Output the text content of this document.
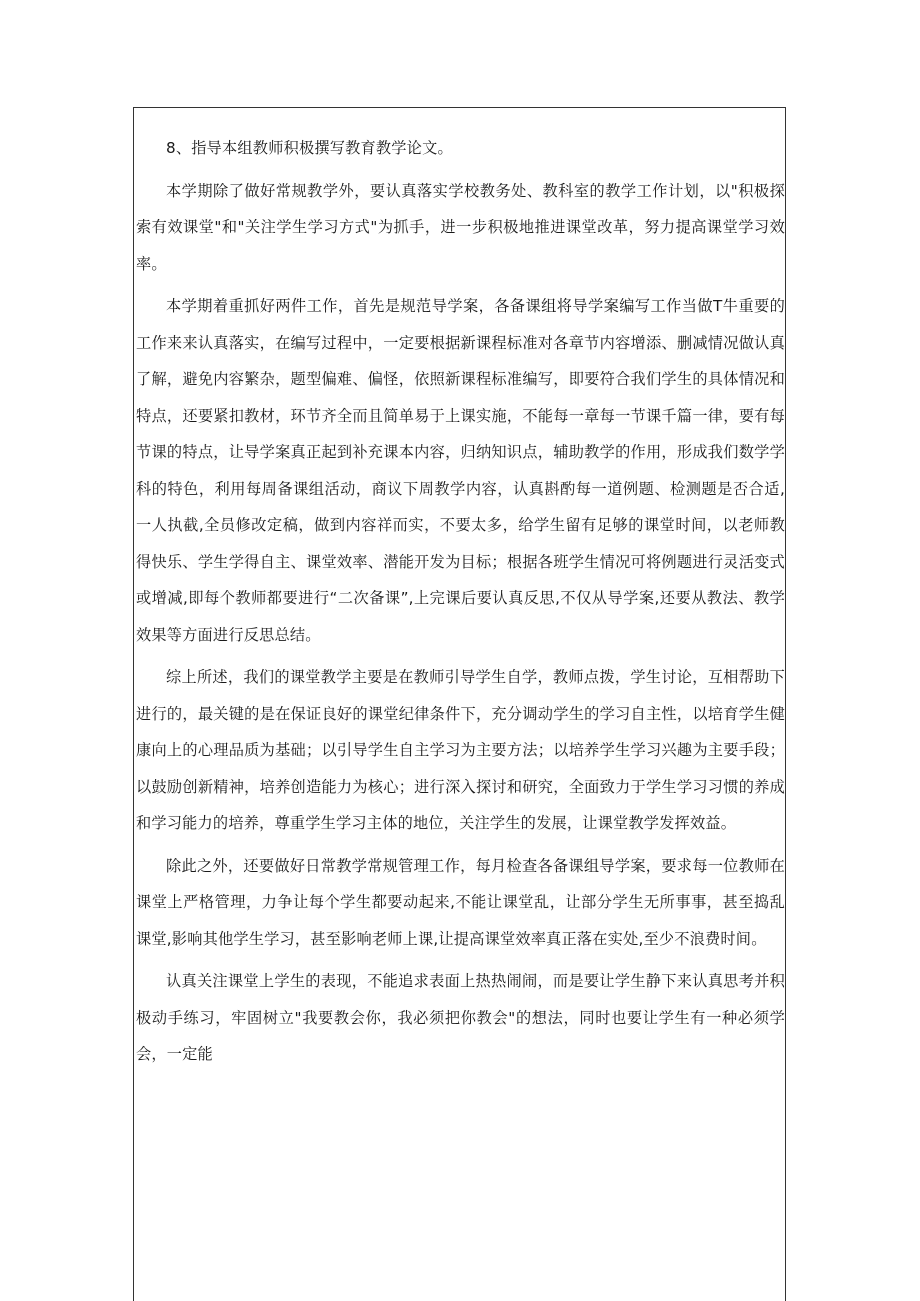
8、指导本组教师积极撰写教育教学论文。

本学期除了做好常规教学外，要认真落实学校教务处、教科室的教学工作计划，以"积极探索有效课堂"和"关注学生学习方式"为抓手，进一步积极地推进课堂改革，努力提高课堂学习效率。

本学期着重抓好两件工作，首先是规范导学案，各备课组将导学案编写工作当做T牛重要的工作来来认真落实，在编写过程中，一定要根据新课程标准对各章节内容增添、删减情况做认真了解，避免内容繁杂，题型偏难、偏怪，依照新课程标准编写，即要符合我们学生的具体情况和特点，还要紧扣教材，环节齐全而且简单易于上课实施，不能每一章每一节课千篇一律，要有每节课的特点，让导学案真正起到补充课本内容，归纳知识点，辅助教学的作用，形成我们数学学科的特色，利用每周备课组活动，商议下周教学内容，认真斟酌每一道例题、检测题是否合适,一人执截,全员修改定稿，做到内容祥而实，不要太多，给学生留有足够的课堂时间，以老师教得快乐、学生学得自主、课堂效率、潜能开发为目标；根据各班学生情况可将例题进行灵活变式或增减,即每个教师都要进行“二次备课”,上完课后要认真反思,不仅从导学案,还要从教法、教学效果等方面进行反思总结。

综上所述，我们的课堂教学主要是在教师引导学生自学，教师点拨，学生讨论，互相帮助下进行的，最关键的是在保证良好的课堂纪律条件下，充分调动学生的学习自主性，以培育学生健康向上的心理品质为基础；以引导学生自主学习为主要方法；以培养学生学习兴趣为主要手段；以鼓励创新精神，培养创造能力为核心；进行深入探讨和研究，全面致力于学生学习习惯的养成和学习能力的培养，尊重学生学习主体的地位，关注学生的发展，让课堂教学发挥效益。

除此之外，还要做好日常教学常规管理工作，每月检查各备课组导学案，要求每一位教师在课堂上严格管理，力争让每个学生都要动起来,不能让课堂乱，让部分学生无所事事，甚至捣乱课堂,影响其他学生学习，甚至影响老师上课,让提高课堂效率真正落在实处,至少不浪费时间。

认真关注课堂上学生的表现，不能追求表面上热热闹闹，而是要让学生静下来认真思考并积极动手练习，牢固树立"我要教会你，我必须把你教会"的想法，同时也要让学生有一种必须学会，一定能
